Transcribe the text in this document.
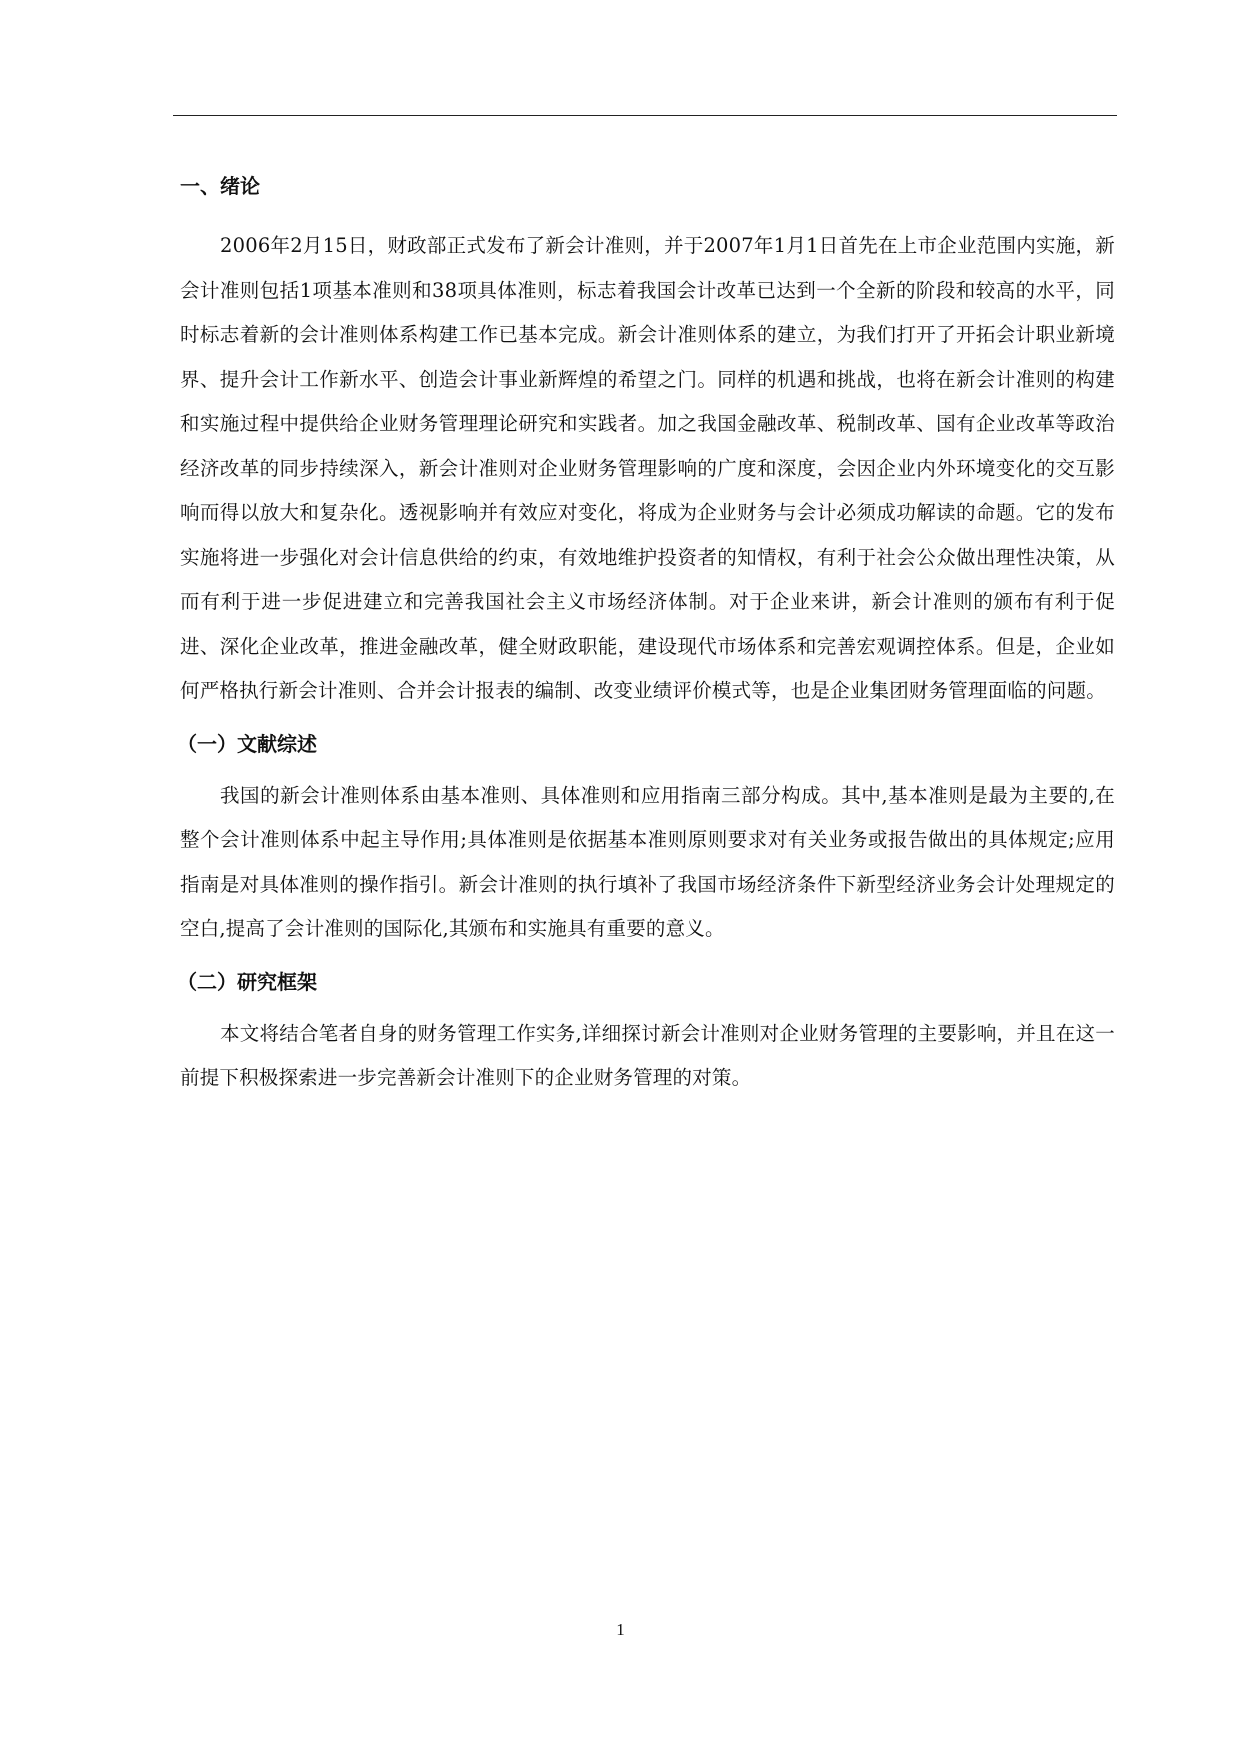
一、绪论

2006年2月15日，财政部正式发布了新会计准则，并于2007年1月1日首先在上市企业范围内实施，新会计准则包括1项基本准则和38项具体准则，标志着我国会计改革已达到一个全新的阶段和较高的水平，同时标志着新的会计准则体系构建工作已基本完成。新会计准则体系的建立，为我们打开了开拓会计职业新境界、提升会计工作新水平、创造会计事业新辉煌的希望之门。同样的机遇和挑战，也将在新会计准则的构建和实施过程中提供给企业财务管理理论研究和实践者。加之我国金融改革、税制改革、国有企业改革等政治经济改革的同步持续深入，新会计准则对企业财务管理影响的广度和深度，会因企业内外环境变化的交互影响而得以放大和复杂化。透视影响并有效应对变化，将成为企业财务与会计必须成功解读的命题。它的发布实施将进一步强化对会计信息供给的约束，有效地维护投资者的知情权，有利于社会公众做出理性决策，从而有利于进一步促进建立和完善我国社会主义市场经济体制。对于企业来讲，新会计准则的颁布有利于促进、深化企业改革，推进金融改革，健全财政职能，建设现代市场体系和完善宏观调控体系。但是，企业如何严格执行新会计准则、合并会计报表的编制、改变业绩评价模式等，也是企业集团财务管理面临的问题。

（一）文献综述

我国的新会计准则体系由基本准则、具体准则和应用指南三部分构成。其中,基本准则是最为主要的,在整个会计准则体系中起主导作用;具体准则是依据基本准则原则要求对有关业务或报告做出的具体规定;应用指南是对具体准则的操作指引。新会计准则的执行填补了我国市场经济条件下新型经济业务会计处理规定的空白,提高了会计准则的国际化,其颁布和实施具有重要的意义。

（二）研究框架

本文将结合笔者自身的财务管理工作实务,详细探讨新会计准则对企业财务管理的主要影响，并且在这一前提下积极探索进一步完善新会计准则下的企业财务管理的对策。

1
